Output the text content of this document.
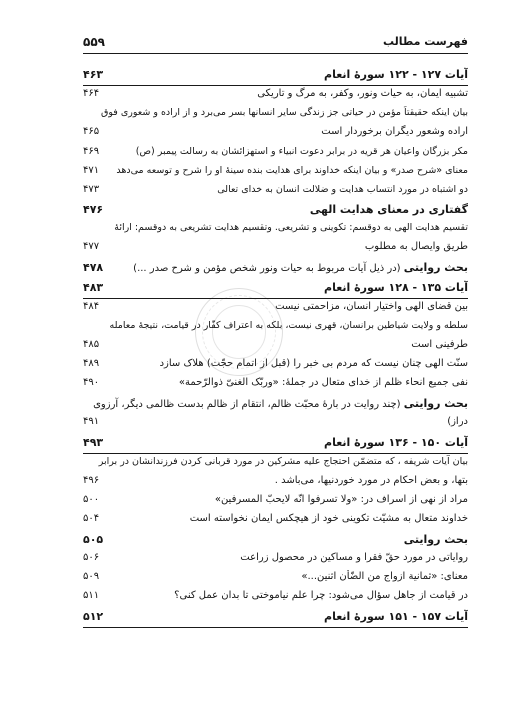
فهرست مطالب
۵۵۹
آیات ۱۲۷ - ۱۲۲ سورهٔ انعام
۴۶۳
تشبیه ایمان، به حیات ونور، وکفر، به مرگ و تاریکی
۴۶۴
بیان اینکه حقیقتاً مؤمن در حیاتی جز زندگی سایر انسانها بسر می‌برد و از اراده و شعوری فوق
اراده وشعور دیگران برخوردار است
۴۶۵
مکر بزرگان واعیان هر قریه در برابر دعوت انبیاء و استهزائشان به رسالت پیمبر (ص)
۴۶۹
معنای «شرح صدر» و بیان اینکه خداوند برای هدایت بنده سینهٔ او را شرح و توسعه می‌دهد
۴۷۱
دو اشتباه در مورد انتساب هدایت و ضلالت انسان به خدای تعالی
۴۷۳
گفتاری در معنای هدایت الهی
۴۷۶
تقسیم هدایت الهی به دوقسم: تکوینی و تشریعی. وتقسیم هدایت تشریعی به دوقسم: ارائهٔ
طریق وایصال به مطلوب
۴۷۷
بحث روایتی (در ذیل آیات مربوط به حیات ونور شخص مؤمن و شرح صدر ...)
۴۷۸
آیات ۱۳۵ - ۱۲۸ سورهٔ انعام
۴۸۳
بین قضای الهی واختیار انسان، مزاحمتی نیست
۴۸۴
سلطه و ولایت شیاطین برانسان، قهری نیست، بلکه به اعتراف کفّار در قیامت، نتیجهٔ معامله
طرفینی است
۴۸۵
سنّت الهی چنان نیست که مردم بی خبر را (قبل از اتمام حجّت) هلاک سازد
۴۸۹
نفی جمیع انحاء ظلم از خدای متعال در جملهٔ: «وربّک الغنیّ ذوالرّحمة»
۴۹۰
بحث روایتی (چند روایت در بارهٔ محبّت ظالم، انتقام از ظالم بدست ظالمی دیگر، آرزوی
دراز)
۴۹۱
آیات ۱۵۰ - ۱۳۶ سورهٔ انعام
۴۹۳
بیان آیات شریفه ، که متضمّن احتجاج علیه مشرکین در مورد قربانی کردن فرزندانشان در برابر
بتها، و بعض احکام در مورد خوردنیها، می‌باشد .
۴۹۶
مراد از نهی از اسراف در: «ولا تسرفوا انّه لایحبّ المسرفین»
۵۰۰
خداوند متعال به مشیّت تکوینی خود از هیچکس ایمان نخواسته است
۵۰۴
بحث روایتی
۵۰۵
روایاتی در مورد حقّ فقرا و مساکین در محصول زراعت
۵۰۶
معنای: «ثمانیة ازواج من الضّأن اثنین...»
۵۰۹
در قیامت از جاهل سؤال می‌شود: چرا علم نیاموختی تا بدان عمل کنی؟
۵۱۱
آیات ۱۵۷ - ۱۵۱ سورهٔ انعام
۵۱۲
